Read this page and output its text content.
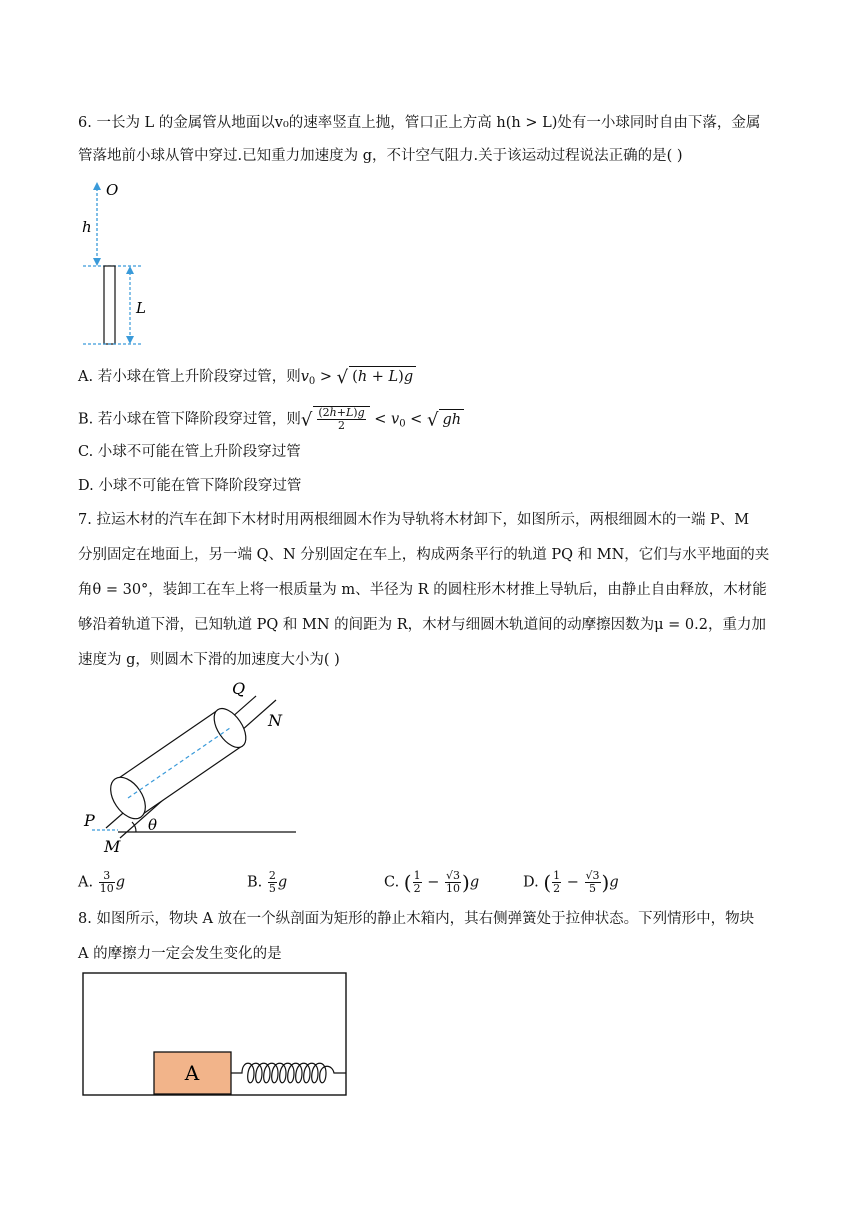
6. 一长为 L 的金属管从地面以v₀的速率竖直上抛，管口正上方高 h(h > L)处有一小球同时自由下落，金属
管落地前小球从管中穿过.已知重力加速度为 g，不计空气阻力.关于该运动过程说法正确的是( )
O
h
L
A. 若小球在管上升阶段穿过管，则$v_0$ > √ (h + L)g
B. 若小球在管下降阶段穿过管，则√ $\frac{(2h+L)g}{2} < v_0$ < √ gh
C. 小球不可能在管上升阶段穿过管
D. 小球不可能在管下降阶段穿过管
7. 拉运木材的汽车在卸下木材时用两根细圆木作为导轨将木材卸下，如图所示，两根细圆木的一端 P、M
分别固定在地面上，另一端 Q、N 分别固定在车上，构成两条平行的轨道 PQ 和 MN，它们与水平地面的夹
角θ = 30°，装卸工在车上将一根质量为 m、半径为 R 的圆柱形木材推上导轨后，由静止自由释放，木材能
够沿着轨道下滑，已知轨道 PQ 和 MN 的间距为 R，木材与细圆木轨道间的动摩擦因数为μ = 0.2，重力加
速度为 g，则圆木下滑的加速度大小为( )
Q
N
P
M
θ
A. $\frac{3}{10}$ g	B. $\frac{2}{5}$ g	C. ( $\frac{1}{2} - \frac{√3}{10} )g$	D. ( $\frac{1}{2} - \frac{√3}{5} )g$
8. 如图所示，物块 A 放在一个纵剖面为矩形的静止木箱内，其右侧弹簧处于拉伸状态。下列情形中，物块
A 的摩擦力一定会发生变化的是
A
